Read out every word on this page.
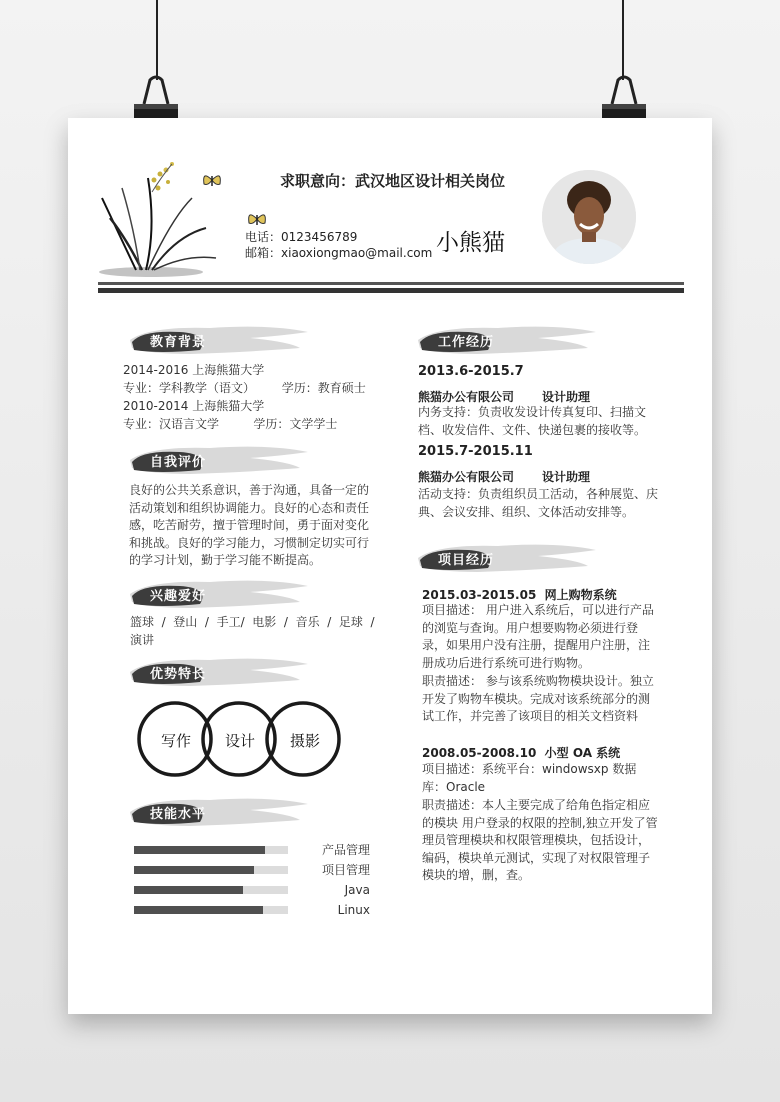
求职意向：武汉地区设计相关岗位
电话：0123456789
邮箱：xiaoxiongmao@mail.com 小熊猫
教育背景
2014-2016 上海熊猫大学
专业：学科教学（语文）       学历：教育硕士
2010-2014 上海熊猫大学
专业：汉语言文学         学历：文学学士
自我评价
良好的公共关系意识，善于沟通，具备一定的活动策划和组织协调能力。良好的心态和责任感，吃苦耐劳，擅于管理时间，勇于面对变化和挑战。良好的学习能力，习惯制定切实可行的学习计划，勤于学习能不断提高。
兴趣爱好
篮球  /  登山  /  手工/  电影  /  音乐  /  足球  /
演讲
优势特长
写作 设计 摄影
技能水平
产品管理
项目管理
Java
Linux
工作经历
2013.6-2015.7
熊猫办公有限公司 设计助理
内务支持：负责收发设计传真复印、扫描文档、收发信件、文件、快递包裹的接收等。
2015.7-2015.11
熊猫办公有限公司 设计助理
活动支持：负责组织员工活动，各种展览、庆典、会议安排、组织、文体活动安排等。
项目经历
2015.03-2015.05  网上购物系统
项目描述： 用户进入系统后，可以进行产品的浏览与查询。用户想要购物必须进行登录，如果用户没有注册，提醒用户注册，注册成功后进行系统可进行购物。
职责描述： 参与该系统购物模块设计。独立开发了购物车模块。完成对该系统部分的测试工作，并完善了该项目的相关文档资料
2008.05-2008.10  小型 OA 系统
项目描述：系统平台：windowsxp 数据库：Oracle
职责描述：本人主要完成了给角色指定相应的模块 用户登录的权限的控制,独立开发了管理员管理模块和权限管理模块，包括设计，编码，模块单元测试，实现了对权限管理子模块的增，删，查。
